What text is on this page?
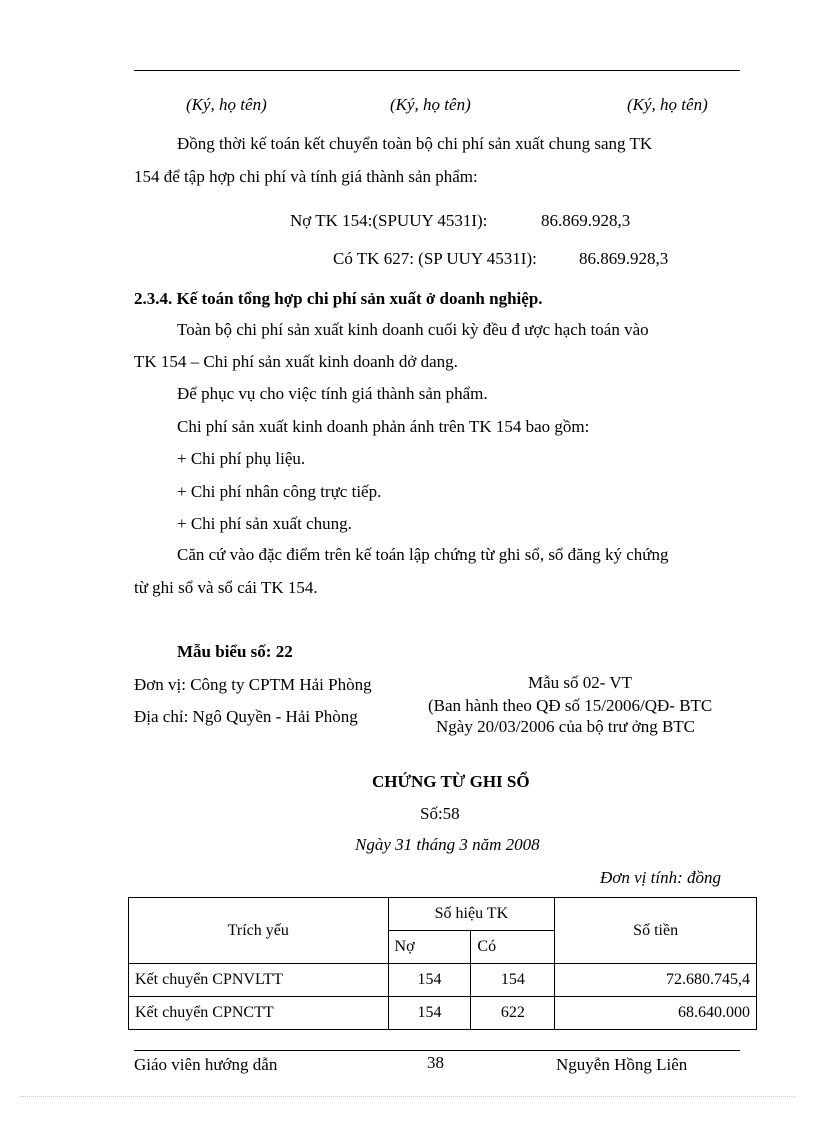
(Ký, họ tên)	(Ký, họ tên)	(Ký, họ tên)
Đồng thời kế toán kết chuyển toàn bộ chi phí sản xuất chung sang TK
154 để tập hợp chi phí và tính giá thành sản phẩm:
Nợ TK 154:(SPUUY 4531I):	86.869.928,3
Có TK 627: (SP UUY 4531I): 86.869.928,3
2.3.4. Kế toán tổng hợp chi phí sản xuất ở doanh nghiệp.
Toàn bộ chi phí sản xuất kinh doanh cuối kỳ đều đ ược hạch toán vào
TK 154 – Chi phí sản xuất kinh doanh dở dang.
Để phục vụ cho việc tính giá thành sản phẩm.
Chi phí sản xuất kinh doanh phản ánh trên TK 154 bao gồm:
+ Chi phí phụ liệu.
+ Chi phí nhân công trực tiếp.
+ Chi phí sản xuất chung.
Căn cứ vào đặc điểm trên kế toán lập chứng từ ghi sổ, sổ đăng ký chứng
từ ghi sổ và sổ cái TK 154.
Mẫu biểu số: 22
Đơn vị: Công ty CPTM Hải Phòng
Địa chỉ: Ngô Quyền - Hải Phòng
Mẫu số 02- VT
(Ban hành theo QĐ số 15/2006/QĐ- BTC
Ngày 20/03/2006 của bộ trư ởng BTC
CHỨNG TỪ GHI SỔ
Số:58
Ngày 31 tháng 3 năm 2008
Đơn vị tính: đồng
Trích yếu	Số hiệu TK		Số tiền
	Nợ	Có	
Kết chuyển CPNVLTT	154	154	72.680.745,4
Kết chuyển CPNCTT	154	622	68.640.000
Giáo viên hướng dẫn	38	Nguyễn Hồng Liên
